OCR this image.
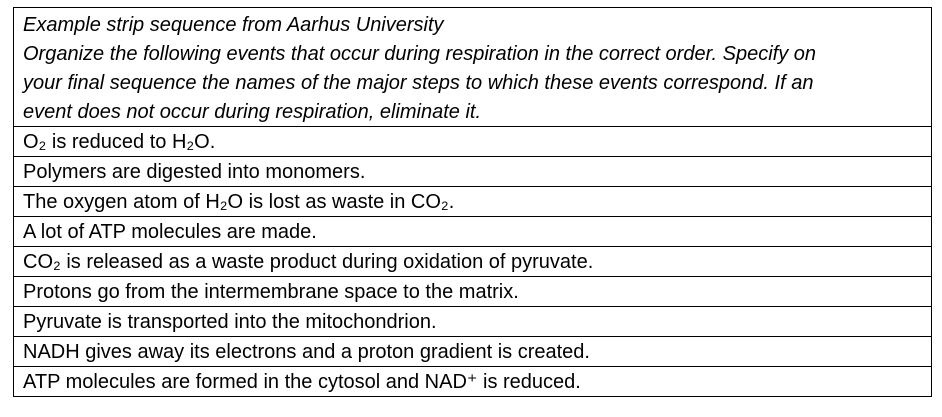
Example strip sequence from Aarhus University
Organize the following events that occur during respiration in the correct order. Specify on
your final sequence the names of the major steps to which these events correspond. If an
event does not occur during respiration, eliminate it.
O₂ is reduced to H₂O.
Polymers are digested into monomers.
The oxygen atom of H₂O is lost as waste in CO₂.
A lot of ATP molecules are made.
CO₂ is released as a waste product during oxidation of pyruvate.
Protons go from the intermembrane space to the matrix.
Pyruvate is transported into the mitochondrion.
NADH gives away its electrons and a proton gradient is created.
ATP molecules are formed in the cytosol and NAD⁺ is reduced.
